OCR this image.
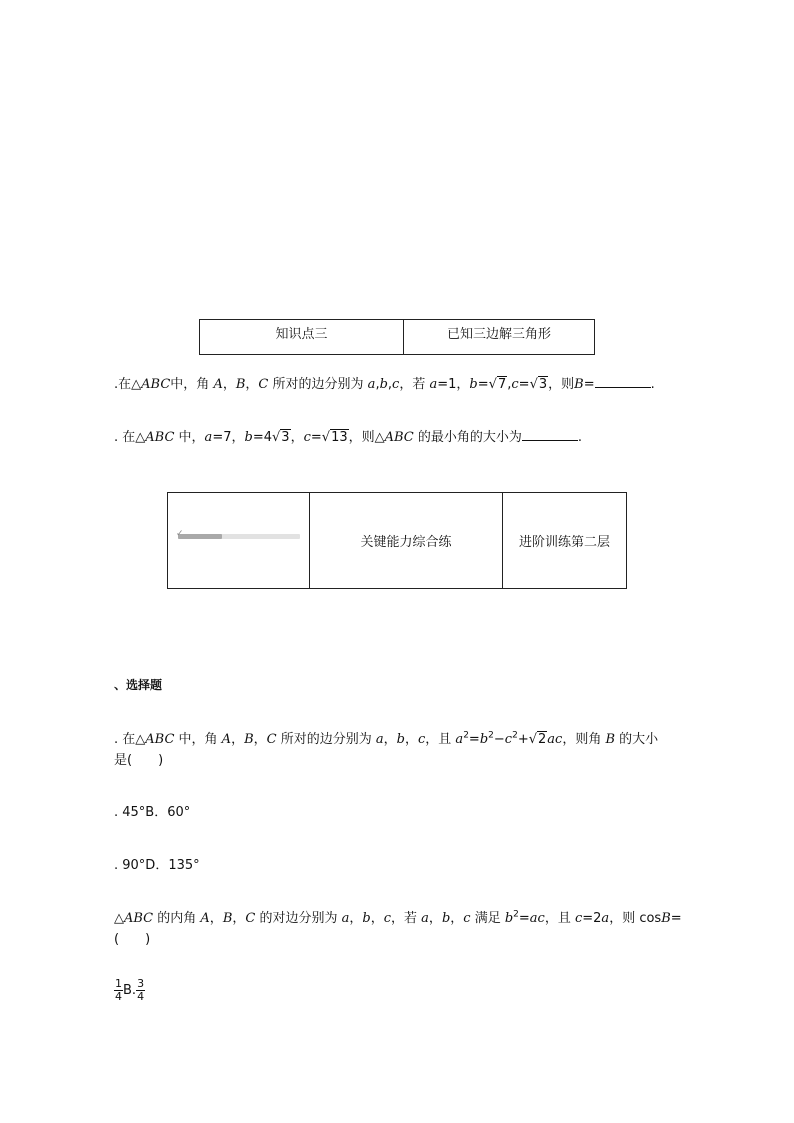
知识点三	已知三边解三角形
.在△ABC中，角 A，B，C 所对的边分别为 a,b,c，若 a=1，b=√7,c=√3，则B=	.
. 在△ABC 中，a=7，b=4√3，c=√13，则△ABC 的最小角的大小为	.
✓
关键能力综合练	进阶训练第二层
、选择题
. 在△ABC 中，角 A，B，C 所对的边分别为 a，b，c，且 $a^2=b^2-c^2+√2ac$，则角 B 的大小
是(　　)
. 45°B．60°
. 90°D．135°
△ABC 的内角 A，B，C 的对边分别为 a，b，c，若 a，b，c 满足 $b^2=ac$，且 c=2a，则 cosB=
(　　)
$\frac{1}{4} B$. $\frac{3}{4}$
